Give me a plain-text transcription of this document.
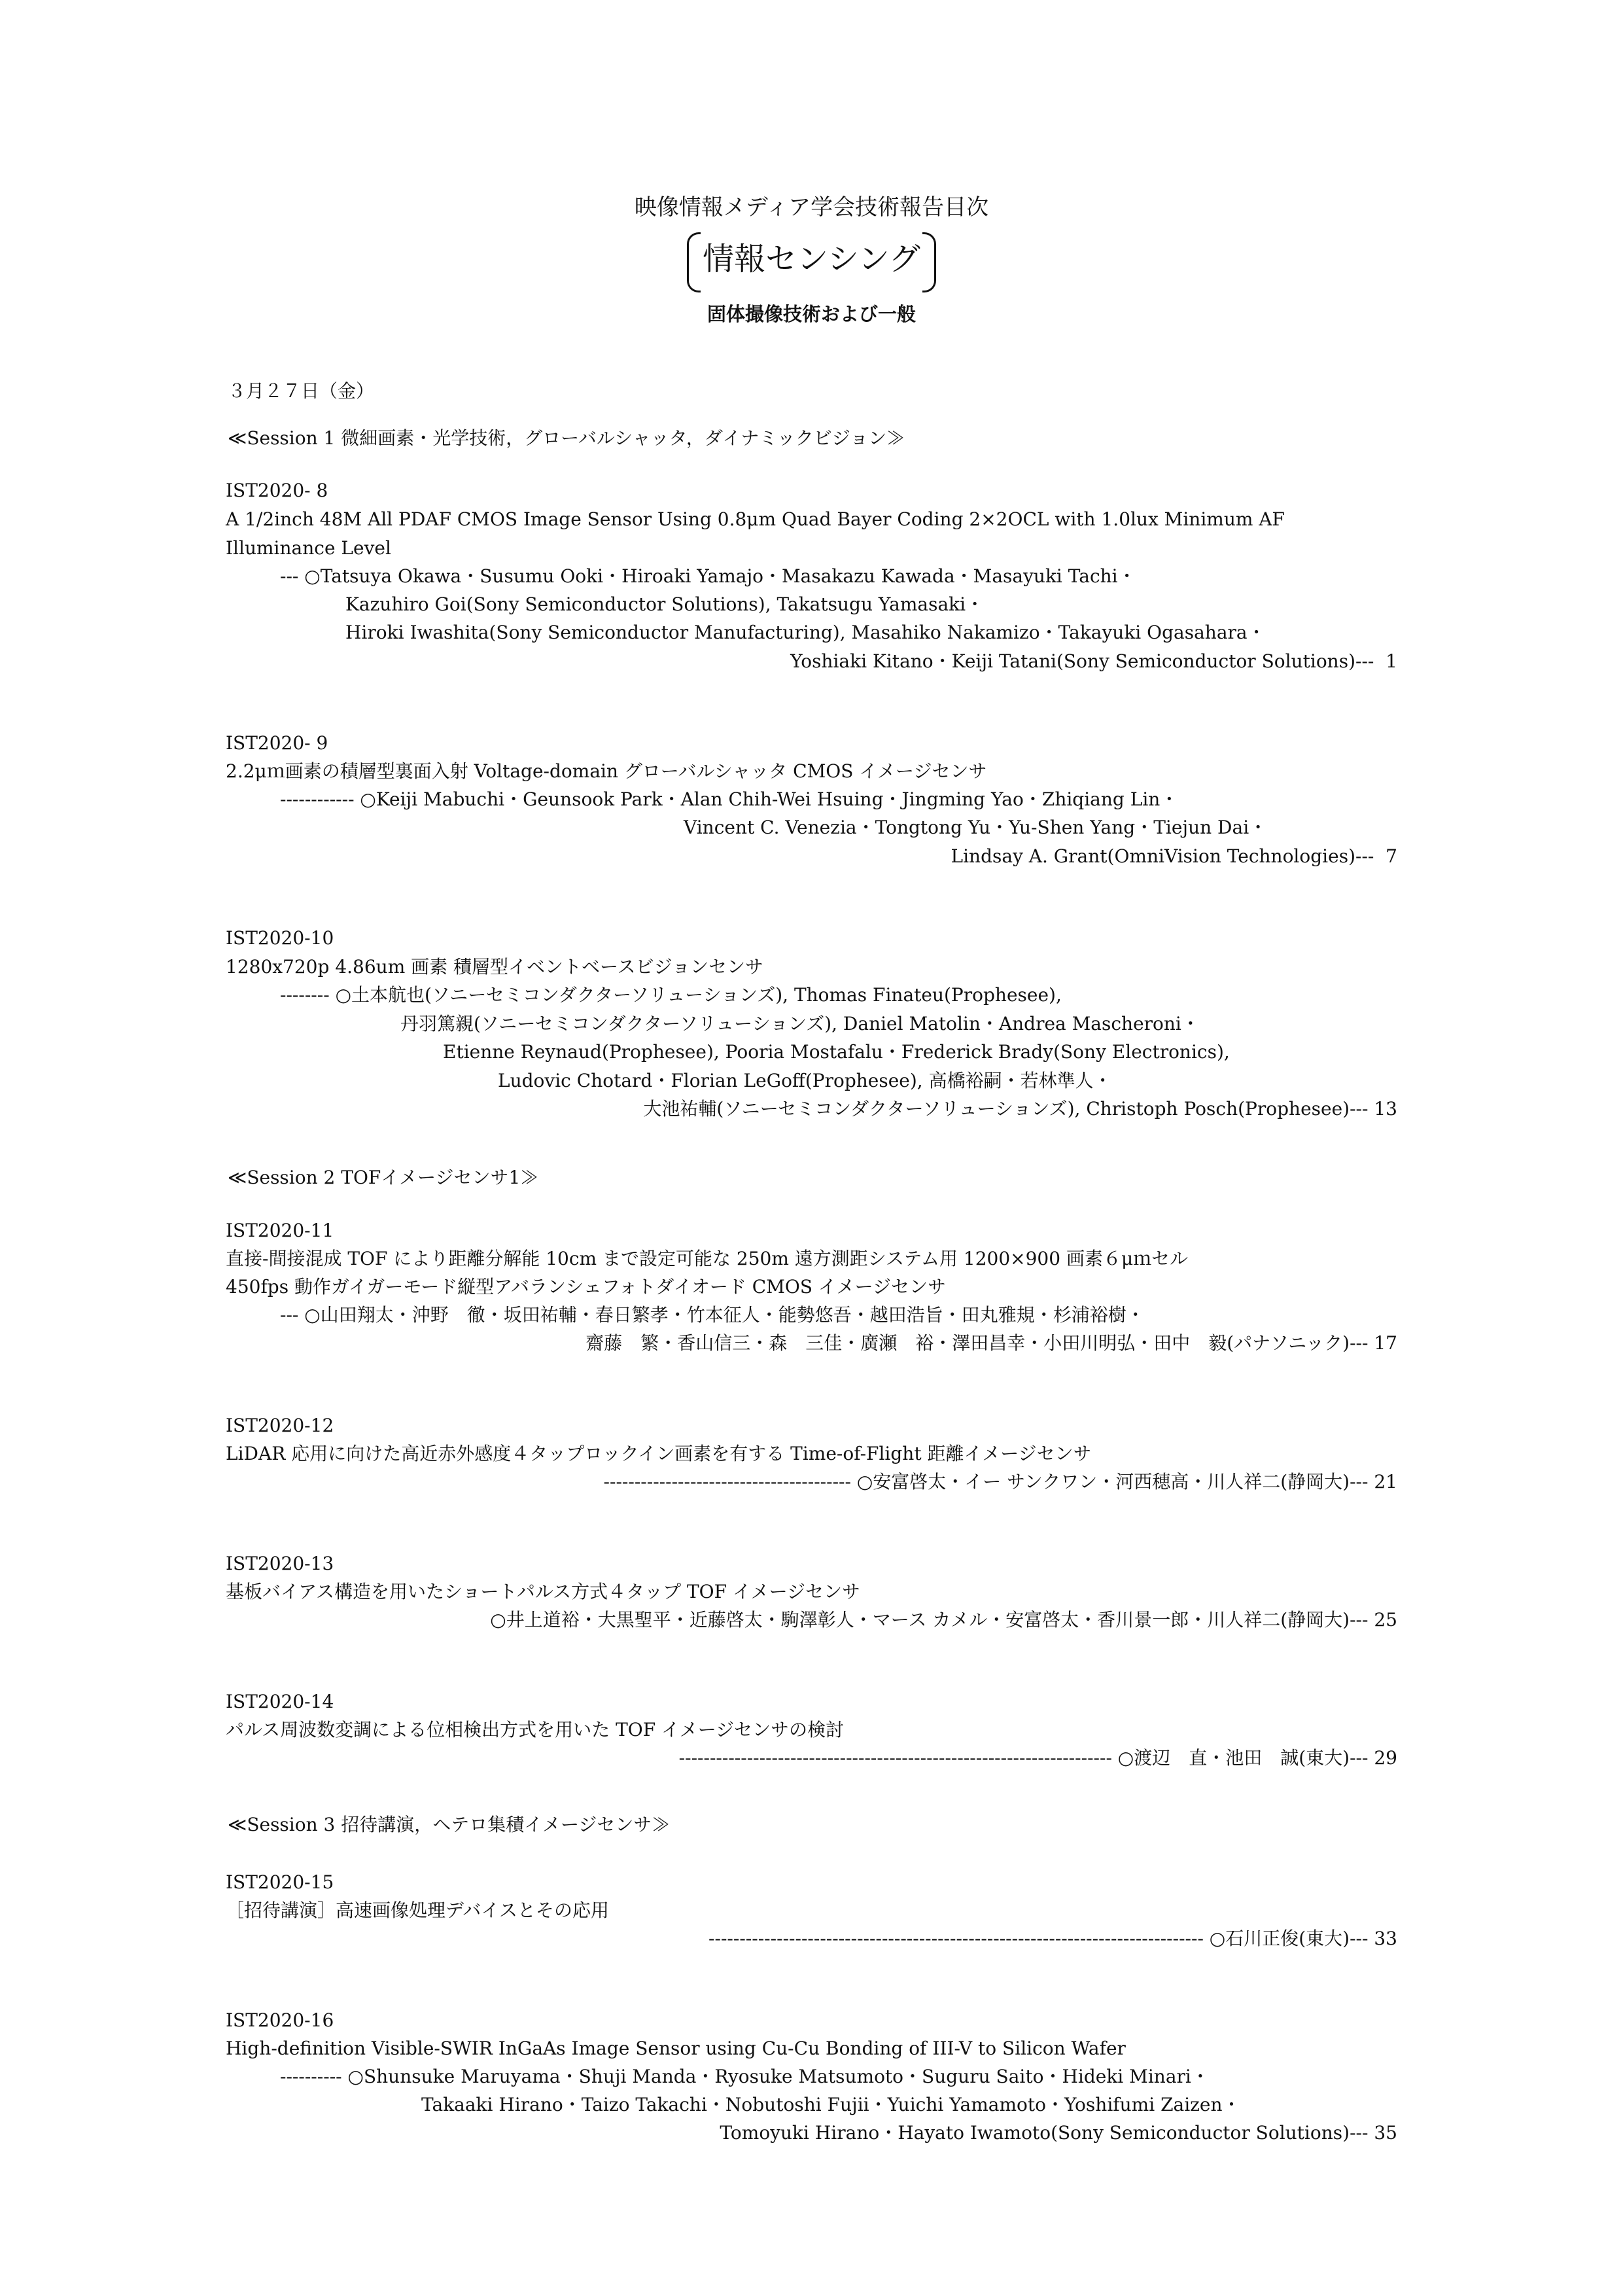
映像情報メディア学会技術報告目次
情報センシング
固体撮像技術および一般
３月２７日（金）
≪Session 1 微細画素・光学技術，グローバルシャッタ，ダイナミックビジョン≫
IST2020- 8
A 1/2inch 48M All PDAF CMOS Image Sensor Using 0.8μm Quad Bayer Coding 2×2OCL with 1.0lux Minimum AF
Illuminance Level
--- ○Tatsuya Okawa・Susumu Ooki・Hiroaki Yamajo・Masakazu Kawada・Masayuki Tachi・
Kazuhiro Goi(Sony Semiconductor Solutions), Takatsugu Yamasaki・
Hiroki Iwashita(Sony Semiconductor Manufacturing), Masahiko Nakamizo・Takayuki Ogasahara・
Yoshiaki Kitano・Keiji Tatani(Sony Semiconductor Solutions)---  1
IST2020- 9
2.2μｍ画素の積層型裏面入射 Voltage-domain グローバルシャッタ CMOS イメージセンサ
------------ ○Keiji Mabuchi・Geunsook Park・Alan Chih-Wei Hsuing・Jingming Yao・Zhiqiang Lin・
Vincent C. Venezia・Tongtong Yu・Yu-Shen Yang・Tiejun Dai・
Lindsay A. Grant(OmniVision Technologies)---  7
IST2020-10
1280x720p 4.86um 画素 積層型イベントベースビジョンセンサ
-------- ○土本航也(ソニーセミコンダクターソリューションズ), Thomas Finateu(Prophesee),
丹羽篤親(ソニーセミコンダクターソリューションズ), Daniel Matolin・Andrea Mascheroni・
Etienne Reynaud(Prophesee), Pooria Mostafalu・Frederick Brady(Sony Electronics),
Ludovic Chotard・Florian LeGoff(Prophesee), 高橋裕嗣・若林準人・
大池祐輔(ソニーセミコンダクターソリューションズ), Christoph Posch(Prophesee)--- 13
≪Session 2 TOFイメージセンサ1≫
IST2020-11
直接-間接混成 TOF により距離分解能 10cm まで設定可能な 250m 遠方測距システム用 1200×900 画素６μｍセル
450fps 動作ガイガーモード縦型アバランシェフォトダイオード CMOS イメージセンサ
--- ○山田翔太・沖野　徹・坂田祐輔・春日繁孝・竹本征人・能勢悠吾・越田浩旨・田丸雅規・杉浦裕樹・
齋藤　繁・香山信三・森　三佳・廣瀬　裕・澤田昌幸・小田川明弘・田中　毅(パナソニック)--- 17
IST2020-12
LiDAR 応用に向けた高近赤外感度４タップロックイン画素を有する Time-of-Flight 距離イメージセンサ
---------------------------------------- ○安富啓太・イー サンクワン・河西穂高・川人祥二(静岡大)--- 21
IST2020-13
基板バイアス構造を用いたショートパルス方式４タップ TOF イメージセンサ
○井上道裕・大黒聖平・近藤啓太・駒澤彰人・マース カメル・安富啓太・香川景一郎・川人祥二(静岡大)--- 25
IST2020-14
パルス周波数変調による位相検出方式を用いた TOF イメージセンサの検討
---------------------------------------------------------------------- ○渡辺　直・池田　誠(東大)--- 29
≪Session 3 招待講演，ヘテロ集積イメージセンサ≫
IST2020-15
［招待講演］高速画像処理デバイスとその応用
-------------------------------------------------------------------------------- ○石川正俊(東大)--- 33
IST2020-16
High-definition Visible-SWIR InGaAs Image Sensor using Cu-Cu Bonding of III-V to Silicon Wafer
---------- ○Shunsuke Maruyama・Shuji Manda・Ryosuke Matsumoto・Suguru Saito・Hideki Minari・
Takaaki Hirano・Taizo Takachi・Nobutoshi Fujii・Yuichi Yamamoto・Yoshifumi Zaizen・
Tomoyuki Hirano・Hayato Iwamoto(Sony Semiconductor Solutions)--- 35
